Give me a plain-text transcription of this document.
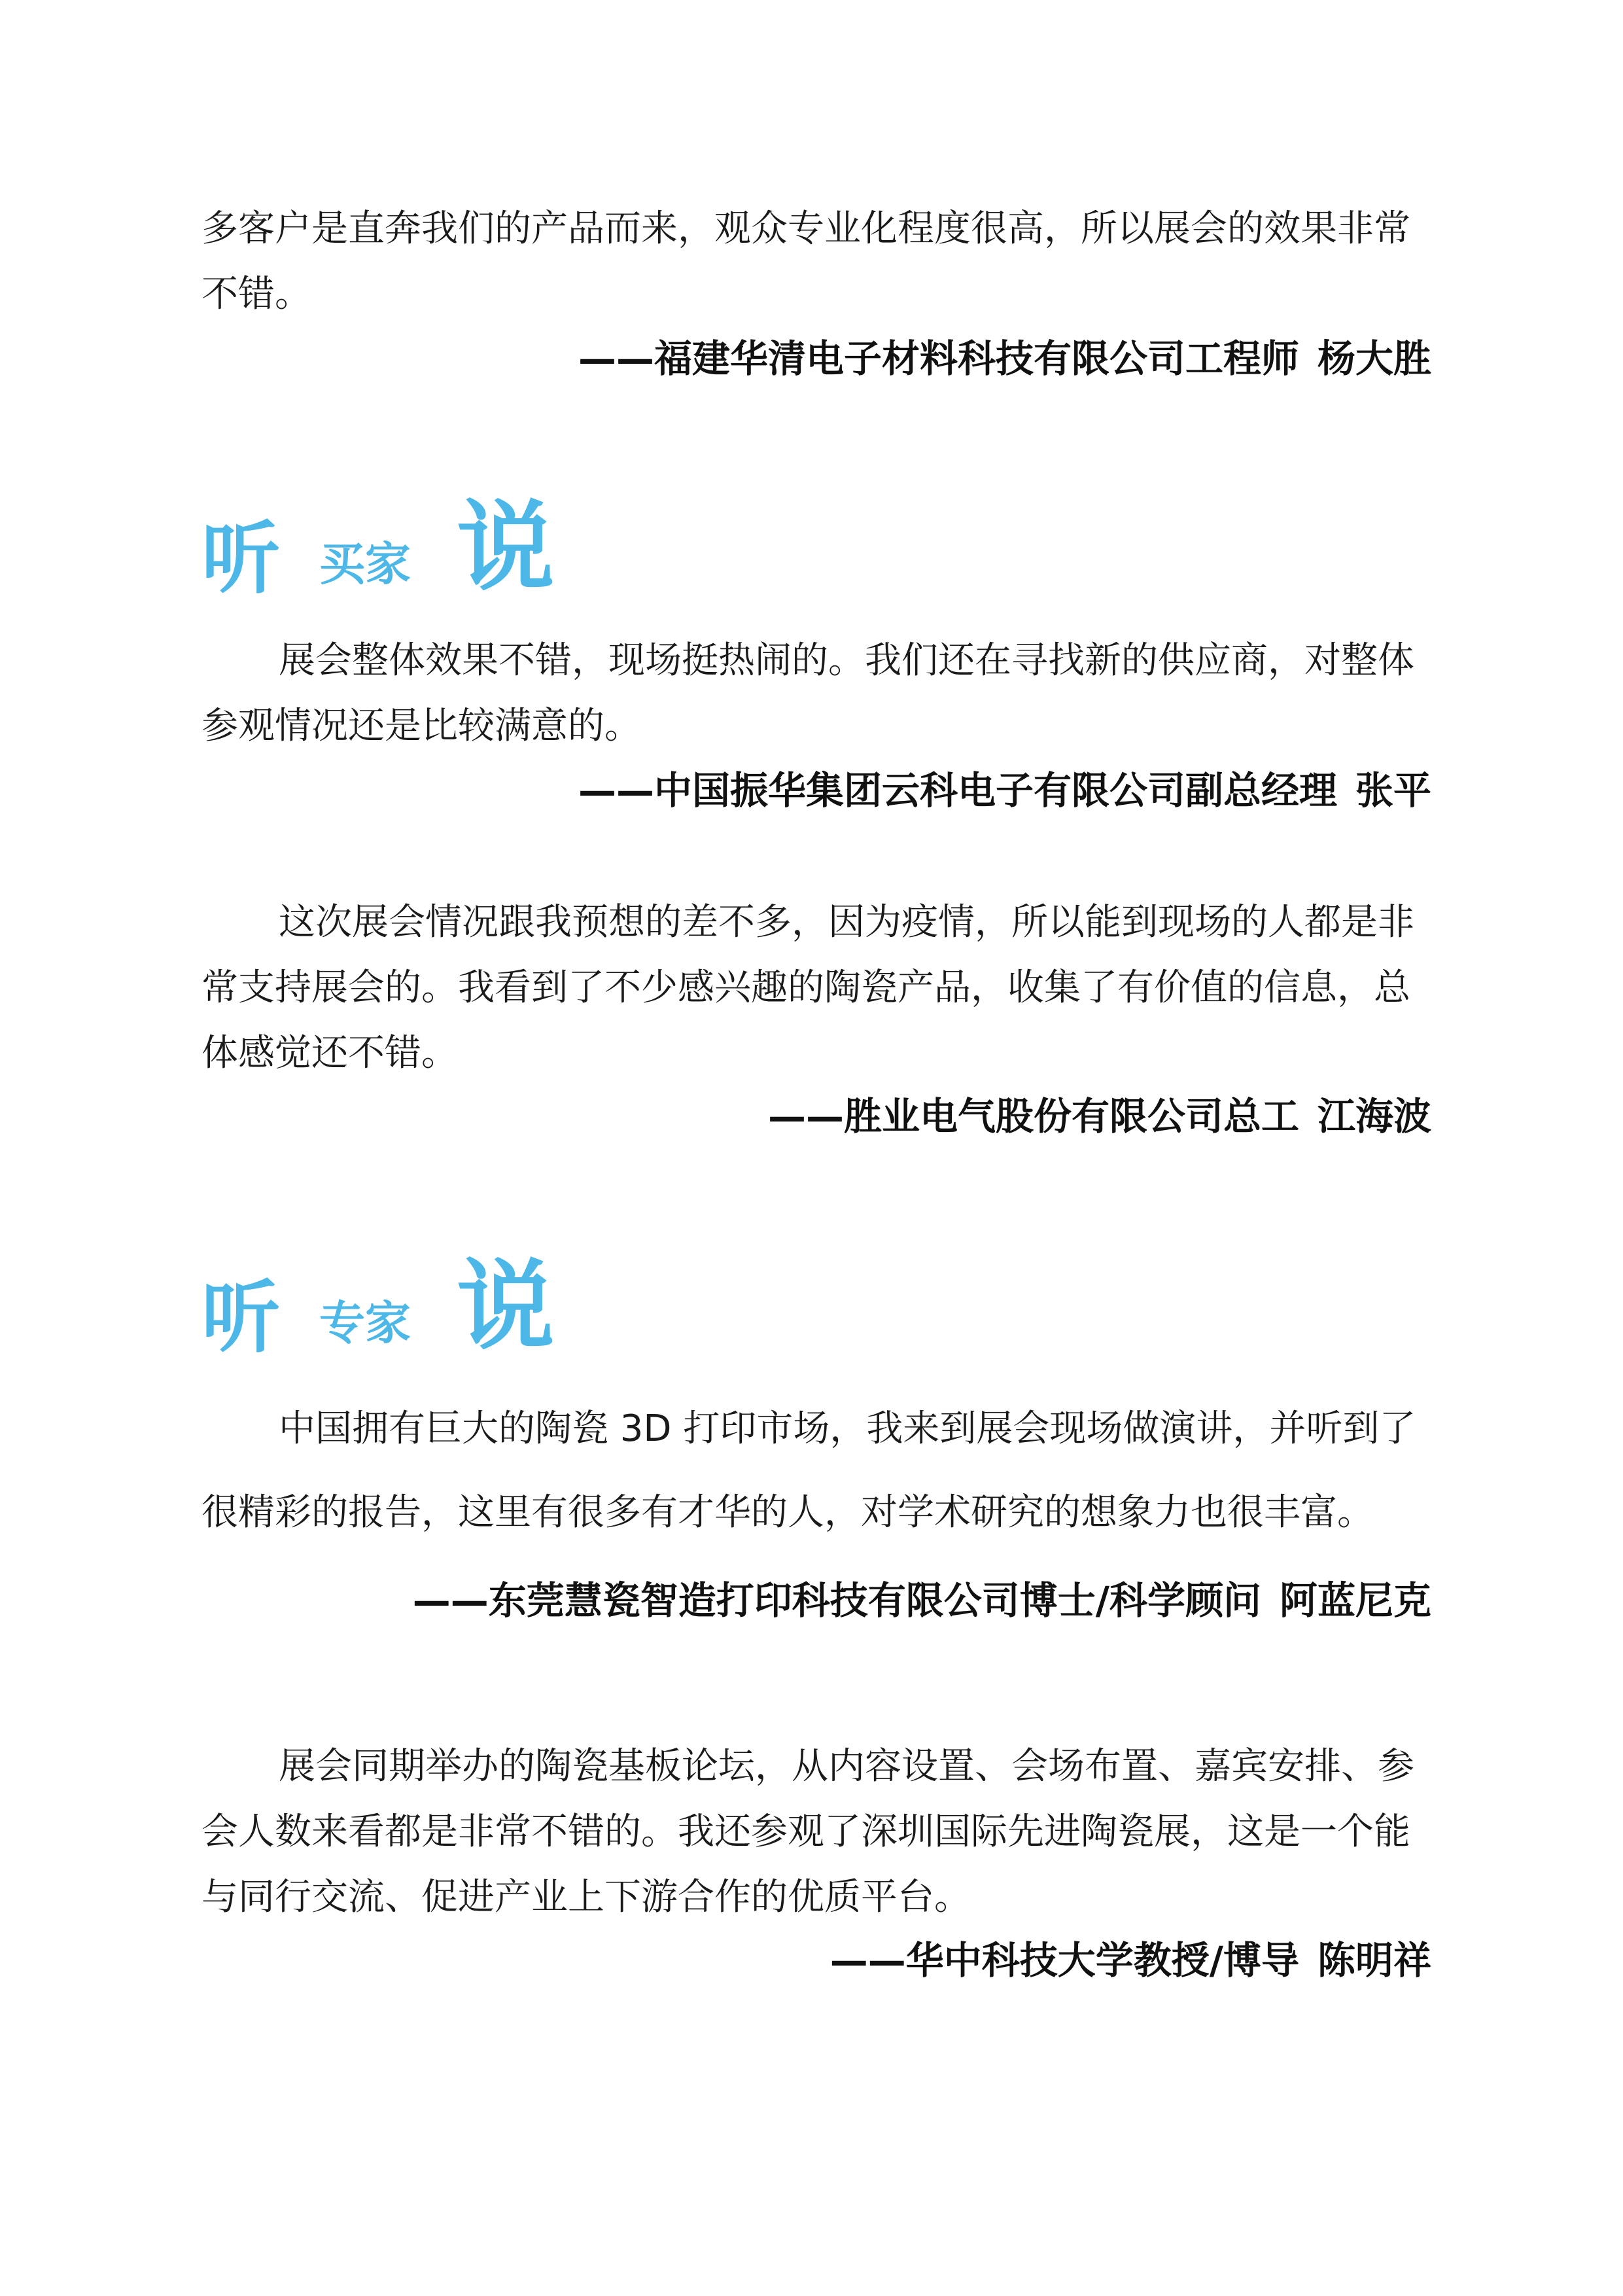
多客户是直奔我们的产品而来，观众专业化程度很高，所以展会的效果非常不错。

——福建华清电子材料科技有限公司工程师 杨大胜

听 买家 说

展会整体效果不错，现场挺热闹的。我们还在寻找新的供应商，对整体参观情况还是比较满意的。

——中国振华集团云科电子有限公司副总经理 张平

这次展会情况跟我预想的差不多，因为疫情，所以能到现场的人都是非常支持展会的。我看到了不少感兴趣的陶瓷产品，收集了有价值的信息，总体感觉还不错。

——胜业电气股份有限公司总工 江海波

听 专家 说

中国拥有巨大的陶瓷 3D 打印市场，我来到展会现场做演讲，并听到了很精彩的报告，这里有很多有才华的人，对学术研究的想象力也很丰富。

——东莞慧瓷智造打印科技有限公司博士/科学顾问 阿蓝尼克

展会同期举办的陶瓷基板论坛，从内容设置、会场布置、嘉宾安排、参会人数来看都是非常不错的。我还参观了深圳国际先进陶瓷展，这是一个能与同行交流、促进产业上下游合作的优质平台。

——华中科技大学教授/博导 陈明祥
